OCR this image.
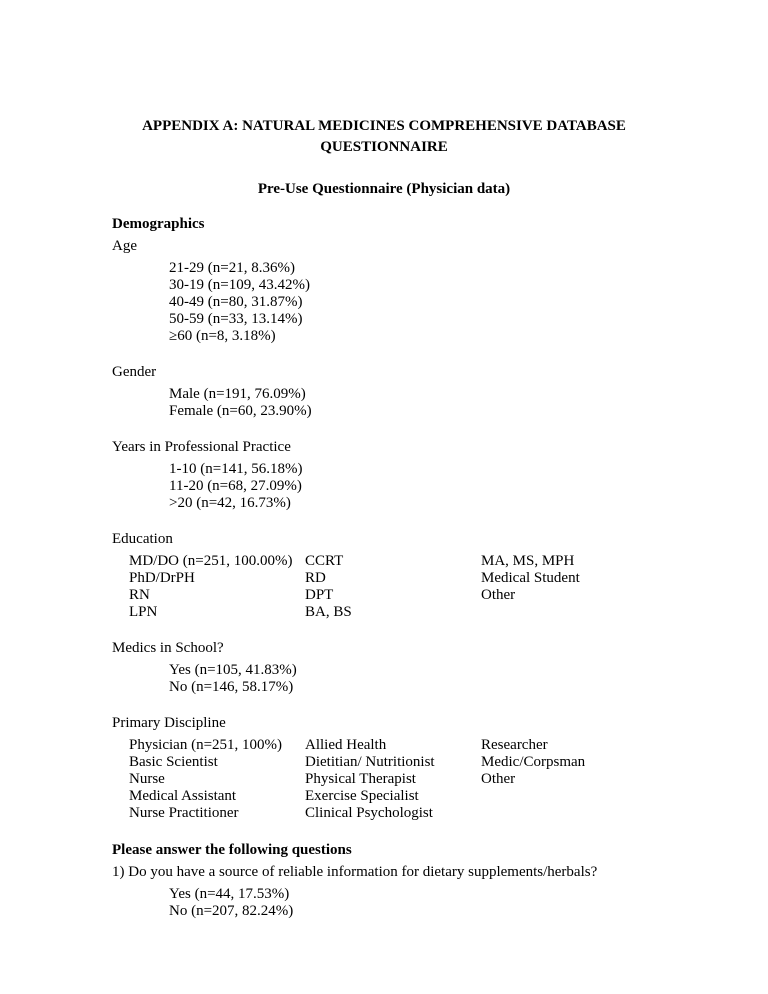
APPENDIX A: NATURAL MEDICINES COMPREHENSIVE DATABASE
QUESTIONNAIRE
Pre-Use Questionnaire (Physician data)
Demographics
Age
21-29 (n=21, 8.36%)
30-19 (n=109, 43.42%)
40-49 (n=80, 31.87%)
50-59 (n=33, 13.14%)
≥60 (n=8, 3.18%)
Gender
Male (n=191, 76.09%)
Female (n=60, 23.90%)
Years in Professional Practice
1-10 (n=141, 56.18%)
11-20 (n=68, 27.09%)
>20 (n=42, 16.73%)
Education
MD/DO (n=251, 100.00%)
PhD/DrPH
RN
LPN
CCRT
RD
DPT
BA, BS
MA, MS, MPH
Medical Student
Other
Medics in School?
Yes (n=105, 41.83%)
No (n=146, 58.17%)
Primary Discipline
Physician (n=251, 100%)
Basic Scientist
Nurse
Medical Assistant
Nurse Practitioner
Allied Health
Dietitian/ Nutritionist
Physical Therapist
Exercise Specialist
Clinical Psychologist
Researcher
Medic/Corpsman
Other
Please answer the following questions
1) Do you have a source of reliable information for dietary supplements/herbals?
Yes (n=44, 17.53%)
No (n=207, 82.24%)
